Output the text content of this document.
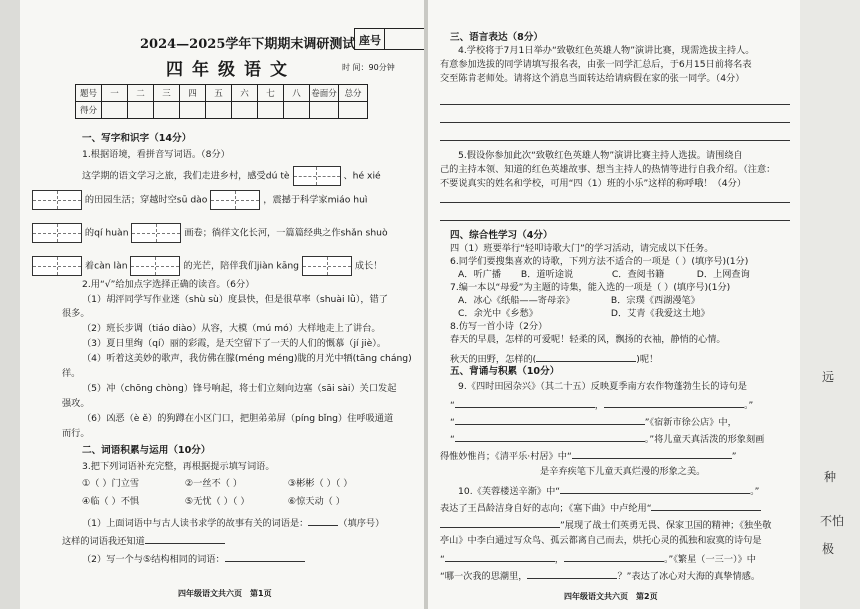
2024—2025学年下期期末调研测试 座号
四年级语文	时 间：90分钟
题号	一	二	三	四	五	六	七	八	卷面分	总分
得分										
一、写字和识字（14分）
1.根据语境，看拼音写词语。（8分）
这学期的语文学习之旅，我们走进乡村，感受dú tè	、hé xié
的田园生活；穿越时空sū dào	，震撼于科学家miáo huì
的qí huàn	画卷；徜徉文化长河，一篇篇经典之作shǎn shuò
着càn làn	的光芒，陪伴我们jiàn kāng	成长！
2.用“√”给加点字选择正确的读音。（6分）
（1）胡泙同学写作业迷（shù sù）度县快，但是很草率（shuài lǜ），错了
很多。
（2）班长步调（tiáo diào）从容，大模（mú mó）大样地走上了讲台。
（3）夏日里绚（qí）丽的彩霞，是天空留下了一天的人们的慨慕（jí jiè）。
（4）听着这美妙的歌声，我仿佛在朦(méng méng)胧的月光中牺(tāng cháng)
徉。
（5）冲（chōng chòng）锋号响起，将士们立刻向边塞（sāi sài）关口发起
强攻。
（6）凶恶（è ě）的狗蹲在小区门口，把胆弟弟屏（píng bǐng）住呼吸通道
而行。
二、词语积累与运用（10分）
3.把下列词语补充完整，再根据提示填写词语。
①（ ）门立雪	②一丝不（ ）	③彬彬（ ）（ ）
④临（ ）不惧	⑤无忧（ ）（ ）	⑥惊天动（ ）
（1）上面词语中与古人读书求学的故事有关的词语是：	（填序号）
这样的词语我还知道
（2）写一个与⑤结构相同的词语：
四年级语文共六页　第1页
三、语言表达（8分）
4.学校将于7月1日举办“致敬红色英雄人物”演讲比赛，现需选拔主持人。
有意参加选拔的同学请填写报名表，由张一同学汇总后，于6月15日前将名表
交至陈肯老师处。请将这个消息当面转达给请病假在家的张一同学。（4分）
5.假设你参加此次“致敬红色英雄人物”演讲比赛主持人选拔。请围绕自
己的主持本领、知道的红色英雄故事、想当主持人的热情等进行自我介绍。（注意：
不要说真实的姓名和学校，可用“四（1）班的小乐”这样的称呼哦！（4分）
四、综合性学习（4分）
四（1）班要举行“轻叩诗歌大门”的学习活动，请完成以下任务。
6.同学们要搜集喜欢的诗歌，下列方法不适合的一项是（ ）(填序号)(1分)
A．听广播 B．道听途说	C．查阅书籍	D．上网查询
7.编一本以“母爱”为主题的诗集，能入选的一项是（ ）(填序号)(1分)
A．冰心《纸船——寄母亲》	B．宗璞《西湖漫笔》
C．余光中《乡愁》	D．艾青《我爱这土地》
8.仿写一首小诗（2分）
春天的早晨，怎样的可爱呢！轻柔的风，飘扬的衣袖，静悄的心情。
秋天的田野，怎样的(	)呢！
五、背诵与积累（10分）
9.《四时田园杂兴》（其二十五）反映夏季南方农作物蓬勃生长的诗句是
“	，	。”
“	”《宿新市徐公店》中，
“	。”将儿童天真活泼的形象刻画
得惟妙惟肖；《清平乐·村居》中“	”
是辛弃疾笔下儿童天真烂漫的形象之美。
10.《芙蓉楼送辛渐》中“	。”
表达了王昌龄洁身自好的志向；《塞下曲》中卢纶用“
”展现了战士们英勇无畏、保家卫国的精神；《独坐敬
亭山》中李白通过写众鸟、孤云都离自己而去，烘托心灵的孤独和寂寞的诗句是
“	，	。”《繁星（一三一）》中
“哪一次我的思潮里，	？”表达了冰心对大海的真挚情感。
四年级语文共六页　第2页
远
种
不怕
极
